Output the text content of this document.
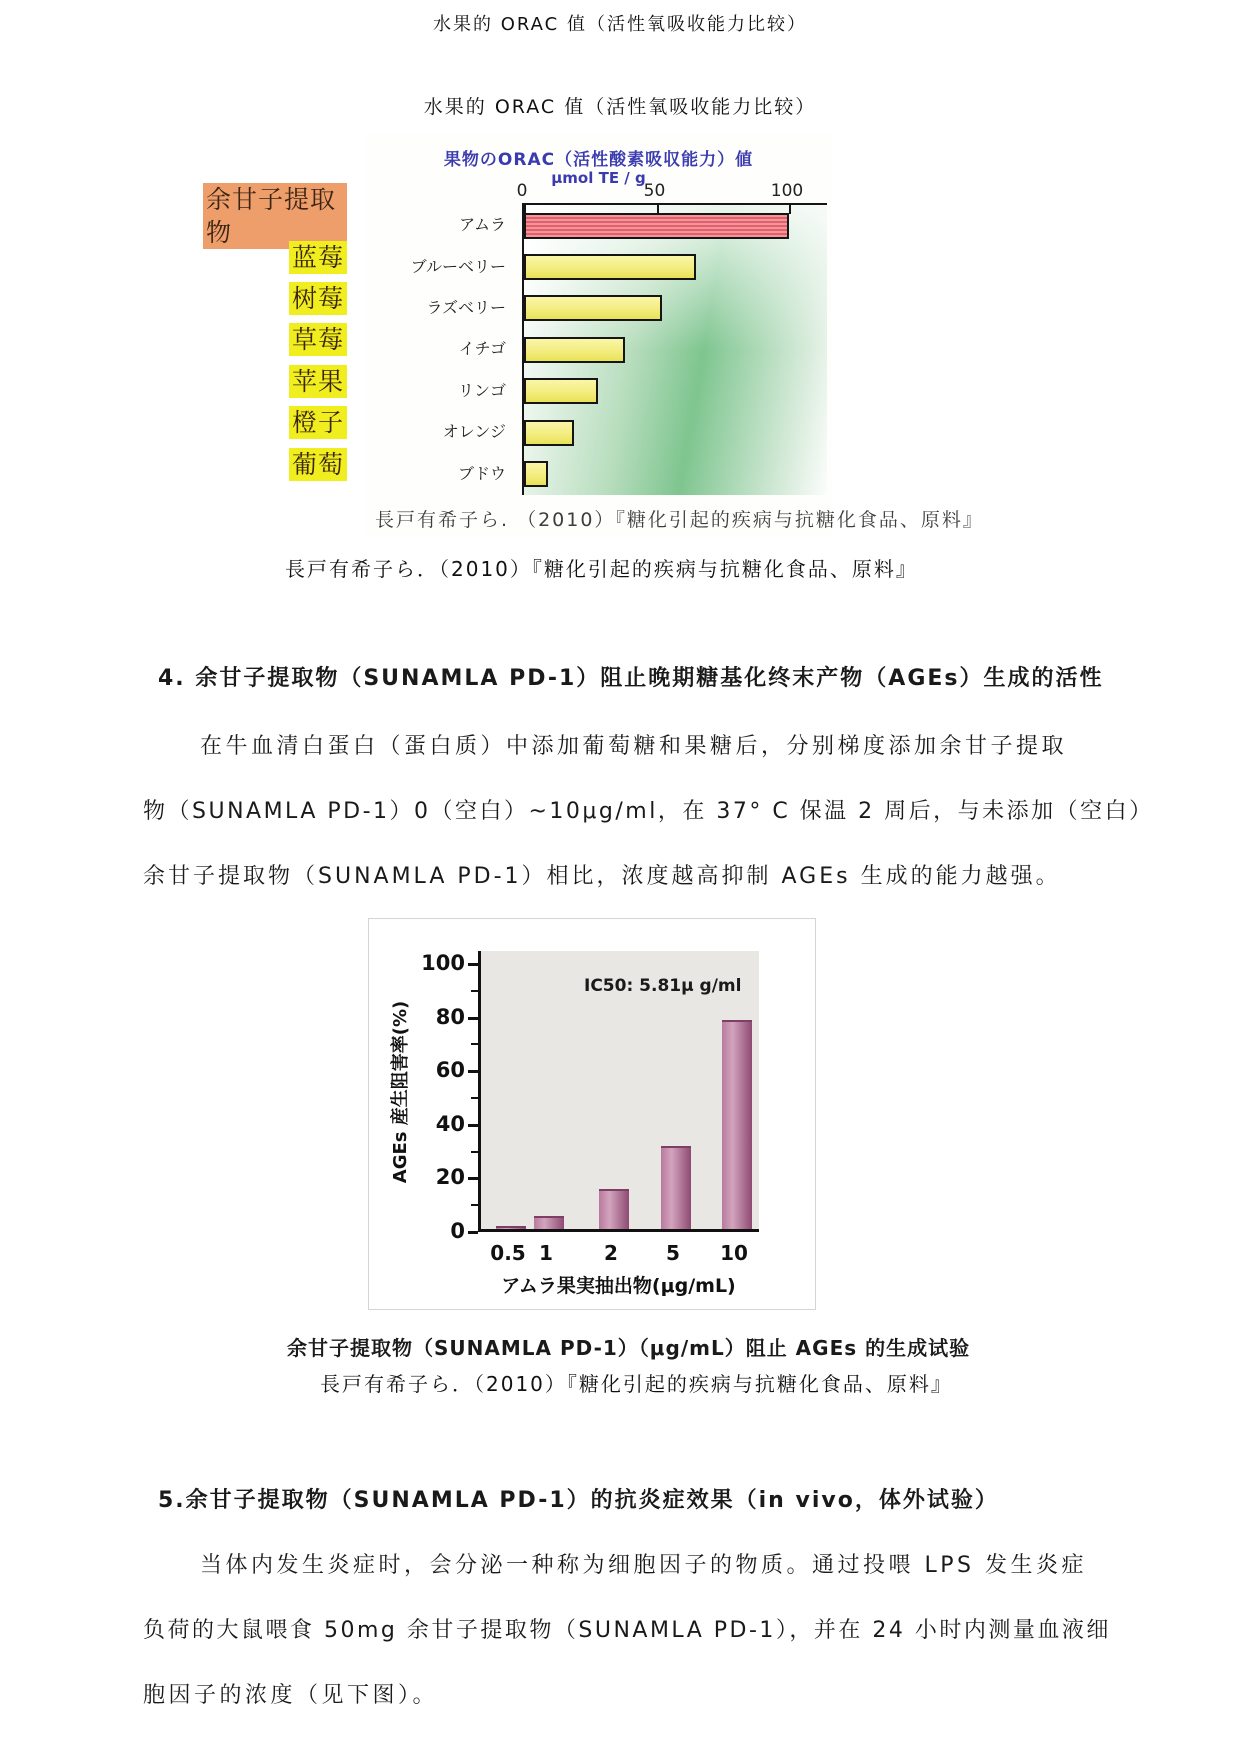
水果的 ORAC 值（活性氧吸收能力比较）
水果的 ORAC 值（活性氧吸收能力比较）
果物のORAC（活性酸素吸収能力）値
μmol TE / g
0	50	100
アムラ
ブルーベリー
ラズベリー
イチゴ
リンゴ
オレンジ
ブドウ
余甘子提取物
蓝莓
树莓
草莓
苹果
橙子
葡萄
長戸有希子ら. （2010）『糖化引起的疾病与抗糖化食品、原料』
長戸有希子ら．（2010）『糖化引起的疾病与抗糖化食品、原料』
4. 余甘子提取物（SUNAMLA PD-1）阻止晚期糖基化终末产物（AGEs）生成的活性
在牛血清白蛋白（蛋白质）中添加葡萄糖和果糖后，分别梯度添加余甘子提取
物（SUNAMLA PD-1）0（空白）~10μg/ml，在 37° C 保温 2 周后，与未添加（空白）
余甘子提取物（SUNAMLA PD-1）相比，浓度越高抑制 AGEs 生成的能力越强。
AGEs 産生阻害率(%)
IC50: 5.81μ g/ml
アムラ果実抽出物(μg/mL)
0.5 1	2	5	10
100
80
60
40
20
0
余甘子提取物（SUNAMLA PD-1）（μg/mL）阻止 AGEs 的生成试验
長戸有希子ら．（2010）『糖化引起的疾病与抗糖化食品、原料』
5.余甘子提取物（SUNAMLA PD-1）的抗炎症效果（in vivo，体外试验）
当体内发生炎症时，会分泌一种称为细胞因子的物质。通过投喂 LPS 发生炎症
负荷的大鼠喂食 50mg 余甘子提取物（SUNAMLA PD-1），并在 24 小时内测量血液细
胞因子的浓度（见下图）。
